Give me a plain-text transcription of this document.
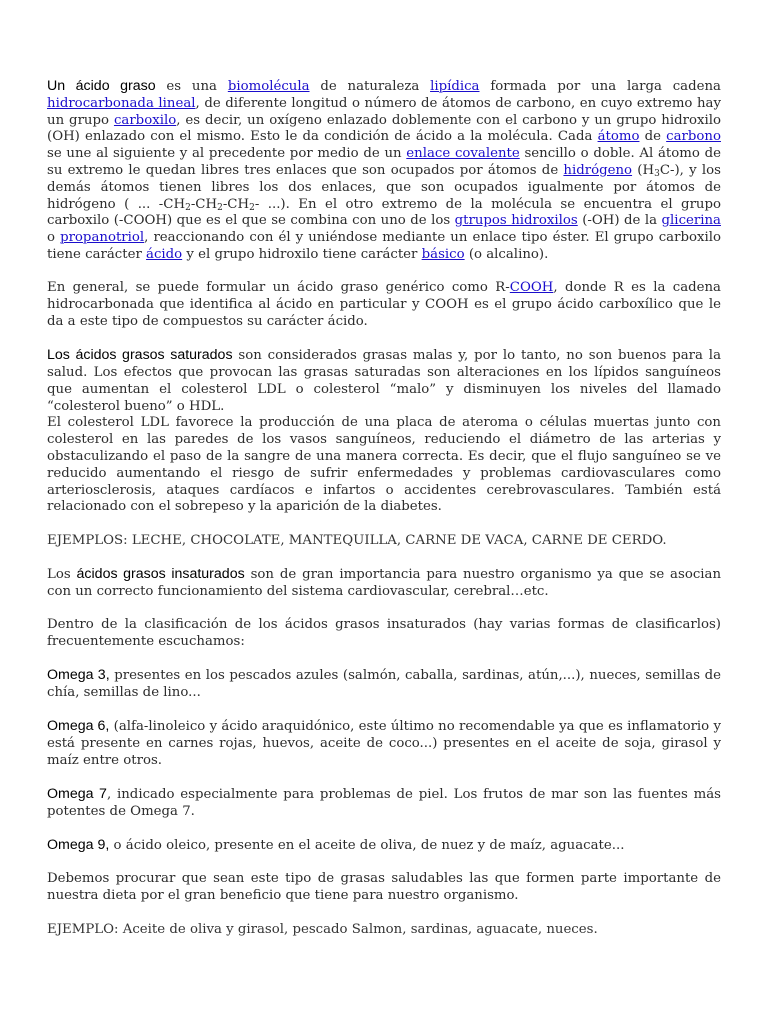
Un ácido graso es una biomolécula de naturaleza lipídica formada por una larga cadena hidrocarbonada lineal, de diferente longitud o número de átomos de carbono, en cuyo extremo hay un grupo carboxilo, es decir, un oxígeno enlazado doblemente con el carbono y un grupo hidroxilo (OH) enlazado con el mismo. Esto le da condición de ácido a la molécula. Cada átomo de carbono se une al siguiente y al precedente por medio de un enlace covalente sencillo o doble. Al átomo de su extremo le quedan libres tres enlaces que son ocupados por átomos de hidrógeno $(H_3C-)$, y los demás átomos tienen libres los dos enlaces, que son ocupados igualmente por átomos de hidrógeno ( ... $-CH_2-CH_2-CH_2-$ ...). En el otro extremo de la molécula se encuentra el grupo carboxilo (-COOH) que es el que se combina con uno de los gtrupos hidroxilos (-OH) de la glicerina o propanotriol, reaccionando con él y uniéndose mediante un enlace tipo éster. El grupo carboxilo tiene carácter ácido y el grupo hidroxilo tiene carácter básico (o alcalino).

En general, se puede formular un ácido graso genérico como R-COOH, donde R es la cadena hidrocarbonada que identifica al ácido en particular y COOH es el grupo ácido carboxílico que le da a este tipo de compuestos su carácter ácido.

Los ácidos grasos saturados son considerados grasas malas y, por lo tanto, no son buenos para la salud. Los efectos que provocan las grasas saturadas son alteraciones en los lípidos sanguíneos que aumentan el colesterol LDL o colesterol “malo” y disminuyen los niveles del llamado “colesterol bueno” o HDL.
El colesterol LDL favorece la producción de una placa de ateroma o células muertas junto con colesterol en las paredes de los vasos sanguíneos, reduciendo el diámetro de las arterias y obstaculizando el paso de la sangre de una manera correcta. Es decir, que el flujo sanguíneo se ve reducido aumentando el riesgo de sufrir enfermedades y problemas cardiovasculares como arteriosclerosis, ataques cardíacos e infartos o accidentes cerebrovasculares. También está relacionado con el sobrepeso y la aparición de la diabetes.

EJEMPLOS: LECHE, CHOCOLATE, MANTEQUILLA, CARNE DE VACA, CARNE DE CERDO.

Los ácidos grasos insaturados son de gran importancia para nuestro organismo ya que se asocian con un correcto funcionamiento del sistema cardiovascular, cerebral…etc.

Dentro de la clasificación de los ácidos grasos insaturados (hay varias formas de clasificarlos) frecuentemente escuchamos:

Omega 3, presentes en los pescados azules (salmón, caballa, sardinas, atún,...), nueces, semillas de chía, semillas de lino...

Omega 6, (alfa-linoleico y ácido araquidónico, este último no recomendable ya que es inflamatorio y está presente en carnes rojas, huevos, aceite de coco...) presentes en el aceite de soja, girasol y maíz entre otros.

Omega 7, indicado especialmente para problemas de piel. Los frutos de mar son las fuentes más potentes de Omega 7.

Omega 9, o ácido oleico, presente en el aceite de oliva, de nuez y de maíz, aguacate...

Debemos procurar que sean este tipo de grasas saludables las que formen parte importante de nuestra dieta por el gran beneficio que tiene para nuestro organismo.

EJEMPLO: Aceite de oliva y girasol, pescado Salmon, sardinas, aguacate, nueces.
